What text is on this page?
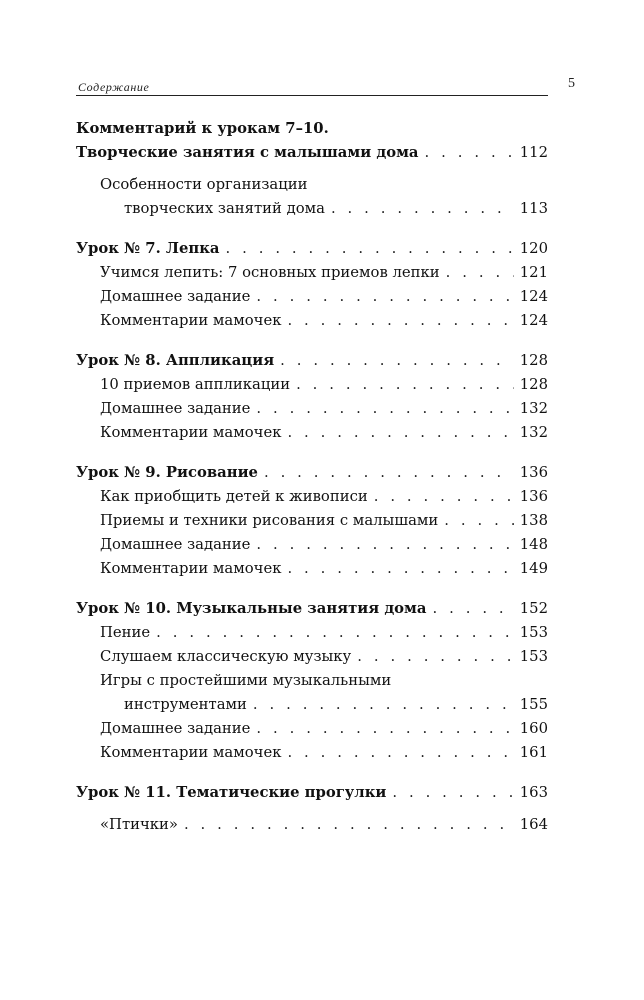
Содержание	5
Комментарий к урокам 7–10.
Творческие занятия с малышами дома . . .	112
Особенности организации
творческих занятий дома . . .	113
Урок № 7. Лепка . . .	120
Учимся лепить: 7 основных приемов лепки . . .	121
Домашнее задание . . .	124
Комментарии мамочек . . .	124
Урок № 8. Аппликация . . .	128
10 приемов аппликации . . .	128
Домашнее задание . . .	132
Комментарии мамочек . . .	132
Урок № 9. Рисование . . .	136
Как приобщить детей к живописи . . .	136
Приемы и техники рисования с малышами . . .	138
Домашнее задание . . .	148
Комментарии мамочек . . .	149
Урок № 10. Музыкальные занятия дома . . .	152
Пение . . .	153
Слушаем классическую музыку . . .	153
Игры с простейшими музыкальными
инструментами . . .	155
Домашнее задание . . .	160
Комментарии мамочек . . .	161
Урок № 11. Тематические прогулки . . .	163
«Птички» . . .	164
